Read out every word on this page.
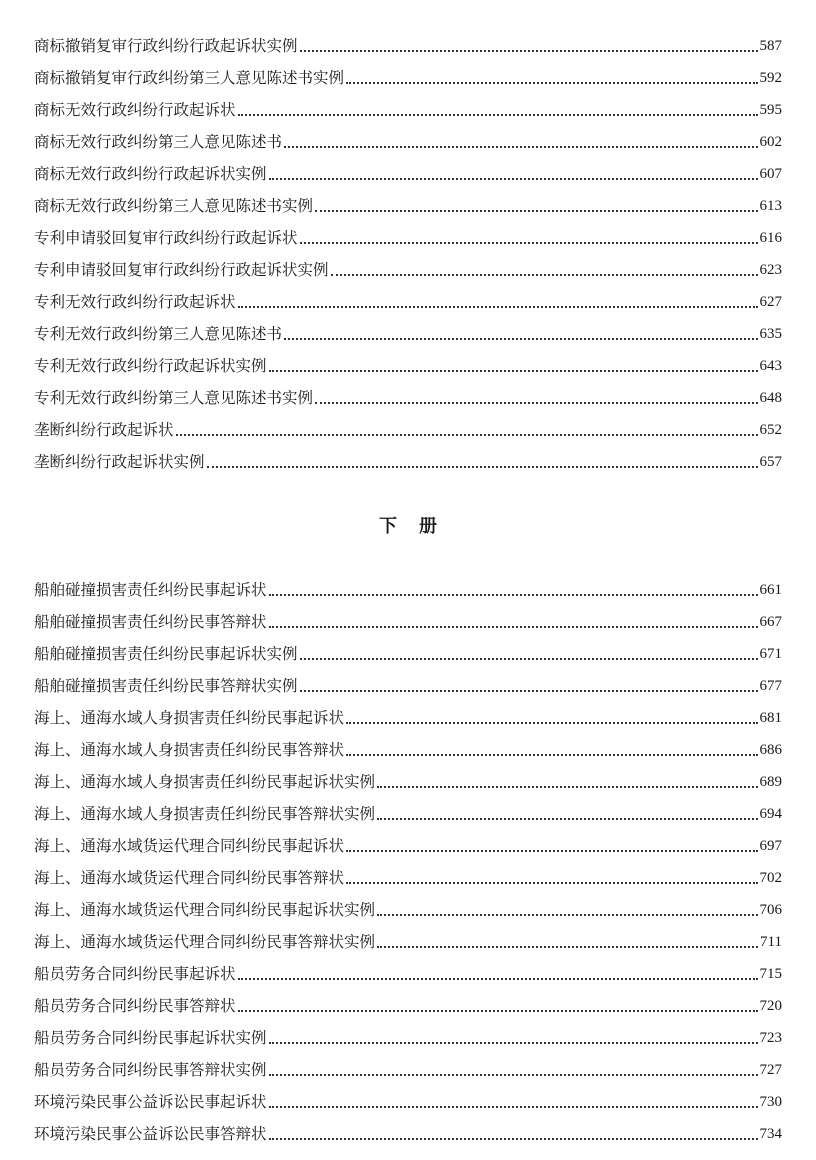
商标撤销复审行政纠纷行政起诉状实例	587
商标撤销复审行政纠纷第三人意见陈述书实例	592
商标无效行政纠纷行政起诉状	595
商标无效行政纠纷第三人意见陈述书	602
商标无效行政纠纷行政起诉状实例	607
商标无效行政纠纷第三人意见陈述书实例	613
专利申请驳回复审行政纠纷行政起诉状	616
专利申请驳回复审行政纠纷行政起诉状实例	623
专利无效行政纠纷行政起诉状	627
专利无效行政纠纷第三人意见陈述书	635
专利无效行政纠纷行政起诉状实例	643
专利无效行政纠纷第三人意见陈述书实例	648
垄断纠纷行政起诉状	652
垄断纠纷行政起诉状实例	657
下册
船舶碰撞损害责任纠纷民事起诉状	661
船舶碰撞损害责任纠纷民事答辩状	667
船舶碰撞损害责任纠纷民事起诉状实例	671
船舶碰撞损害责任纠纷民事答辩状实例	677
海上、通海水域人身损害责任纠纷民事起诉状	681
海上、通海水域人身损害责任纠纷民事答辩状	686
海上、通海水域人身损害责任纠纷民事起诉状实例	689
海上、通海水域人身损害责任纠纷民事答辩状实例	694
海上、通海水域货运代理合同纠纷民事起诉状	697
海上、通海水域货运代理合同纠纷民事答辩状	702
海上、通海水域货运代理合同纠纷民事起诉状实例	706
海上、通海水域货运代理合同纠纷民事答辩状实例	711
船员劳务合同纠纷民事起诉状	715
船员劳务合同纠纷民事答辩状	720
船员劳务合同纠纷民事起诉状实例	723
船员劳务合同纠纷民事答辩状实例	727
环境污染民事公益诉讼民事起诉状	730
环境污染民事公益诉讼民事答辩状	734
